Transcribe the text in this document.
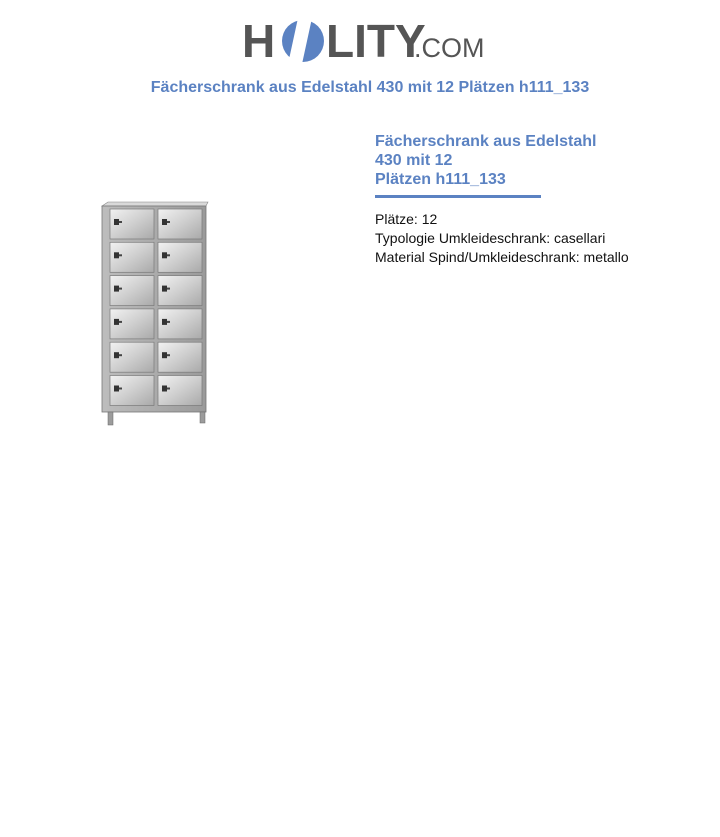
H LITY
.COM
Fächerschrank aus Edelstahl 430 mit 12 Plätzen h111_133
Fächerschrank aus Edelstahl
430 mit 12
Plätzen h111_133
Plätze: 12
Typologie Umkleideschrank: casellari
Material Spind/Umkleideschrank: metallo
